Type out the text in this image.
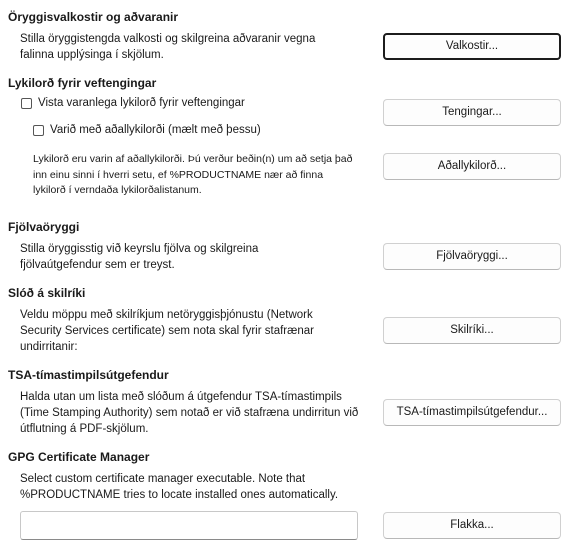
Öryggisvalkostir og aðvaranir
Stilla öryggistengda valkosti og skilgreina aðvaranir vegna falinna upplýsinga í skjölum.
Valkostir...
Lykilorð fyrir veftengingar
Vista varanlega lykilorð fyrir veftengingar
Tengingar...
Varið með aðallykilorði (mælt með þessu)
Lykilorð eru varin af aðallykilorði. Þú verður beðin(n) um að setja það inn einu sinni í hverri setu, ef %PRODUCTNAME nær að finna lykilorð í verndaða lykilorðalistanum.
Aðallykilorð...
Fjölvaöryggi
Stilla öryggisstig við keyrslu fjölva og skilgreina fjölvaútgefendur sem er treyst.
Fjölvaöryggi...
Slóð á skilríki
Veldu möppu með skilríkjum netöryggisþjónustu (Network Security Services certificate) sem nota skal fyrir stafrænar undirritanir:
Skilríki...
TSA-tímastimpilsútgefendur
Halda utan um lista með slóðum á útgefendur TSA-tímastimpils (Time Stamping Authority) sem notað er við stafræna undirritun við útflutning á PDF-skjölum.
TSA-tímastimpilsútgefendur...
GPG Certificate Manager
Select custom certificate manager executable. Note that %PRODUCTNAME tries to locate installed ones automatically.
Flakka...
